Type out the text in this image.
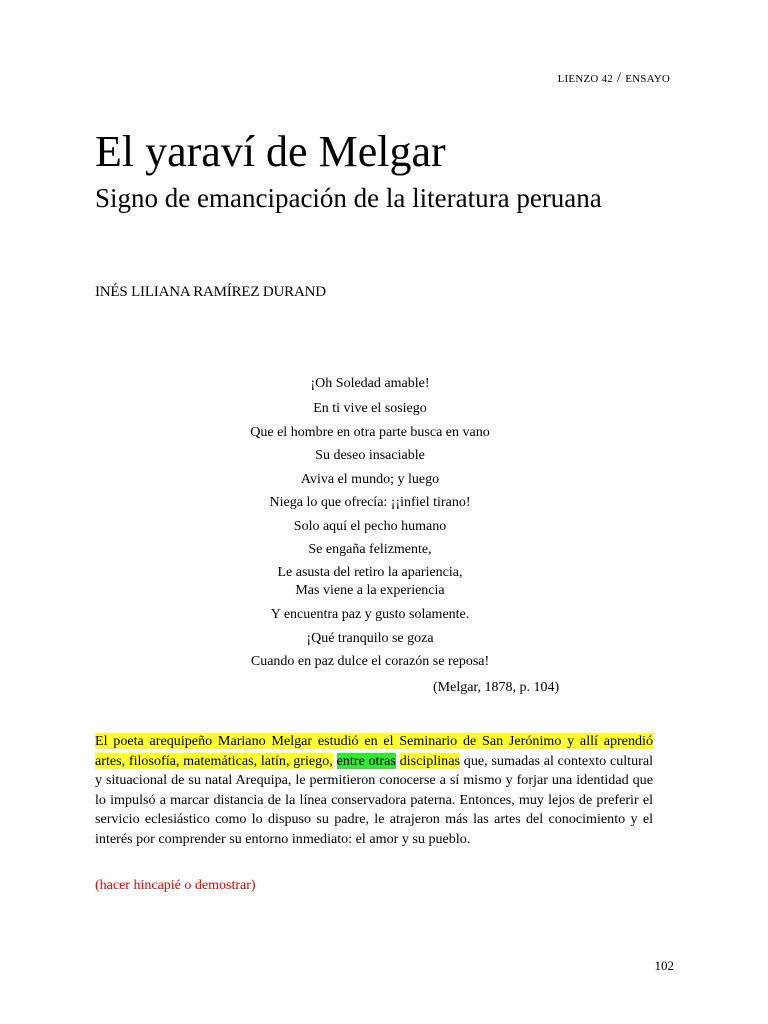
LIENZO 42 / ENSAYO
El yaraví de Melgar
Signo de emancipación de la literatura peruana
INÉS LILIANA RAMÍREZ DURAND
¡Oh Soledad amable!
En ti vive el sosiego
Que el hombre en otra parte busca en vano
Su deseo insaciable
Aviva el mundo; y luego
Niega lo que ofrecía: ¡¡infiel tirano!
Solo aquí el pecho humano
Se engaña felizmente,
Le asusta del retiro la apariencia,
Mas viene a la experiencia
Y encuentra paz y gusto solamente.
¡Qué tranquilo se goza
Cuando en paz dulce el corazón se reposa!
(Melgar, 1878, p. 104)

El poeta arequipeño Mariano Melgar estudió en el Seminario de San Jerónimo y allí aprendió artes, filosofía, matemáticas, latín, griego, entre otras disciplinas que, sumadas al contexto cultural y situacional de su natal Arequipa, le permitieron conocerse a sí mismo y forjar una identidad que lo impulsó a marcar distancia de la línea conservadora paterna. Entonces, muy lejos de preferir el servicio eclesiástico como lo dispuso su padre, le atrajeron más las artes del conocimiento y el interés por comprender su entorno inmediato: el amor y su pueblo.

(hacer hincapié o demostrar)
102
